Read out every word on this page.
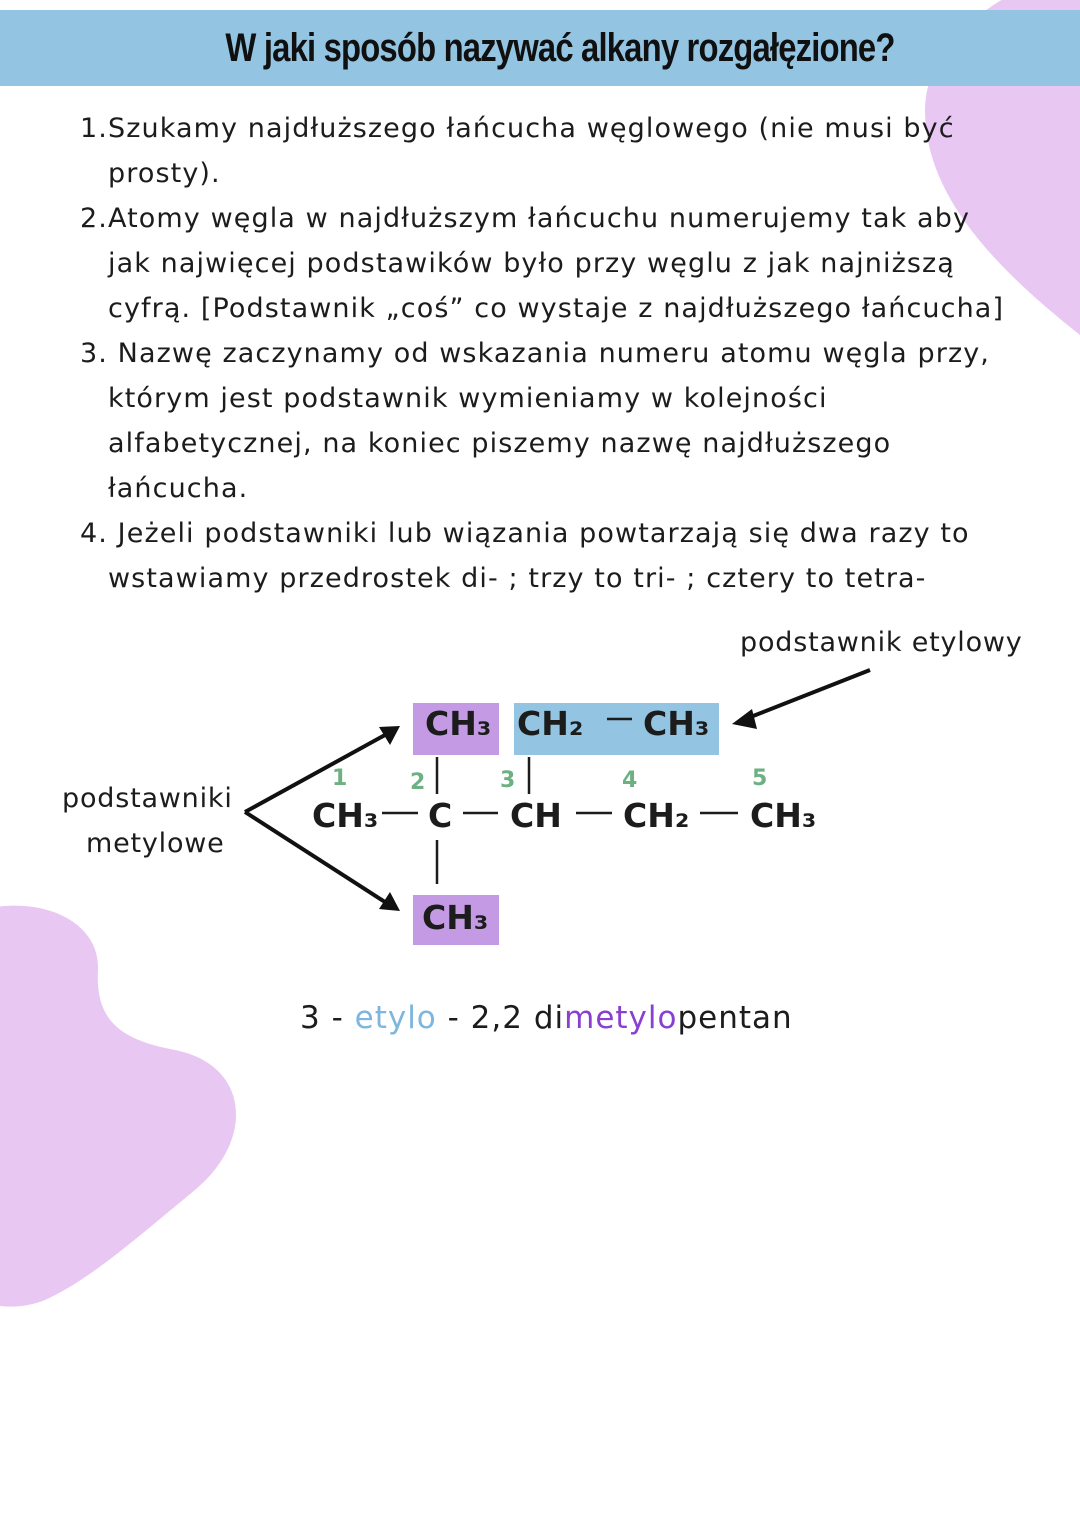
W jaki sposób nazywać alkany rozgałęzione?
1.Szukamy najdłuższego łańcucha węglowego (nie musi być
prosty).
2.Atomy węgla w najdłuższym łańcuchu numerujemy tak aby
jak najwięcej podstawików było przy węglu z jak najniższą
cyfrą. [Podstawnik „coś” co wystaje z najdłuższego łańcucha]
3. Nazwę zaczynamy od wskazania numeru atomu węgla przy,
którym jest podstawnik wymieniamy w kolejności
alfabetycznej, na koniec piszemy nazwę najdłuższego
łańcucha.
4. Jeżeli podstawniki lub wiązania powtarzają się dwa razy to
wstawiamy przedrostek di- ; trzy to tri- ; cztery to tetra-
podstawnik etylowy
podstawniki
metylowe
CH₃ CH₂ CH₃
CH₃
CH₃ C CH CH₂ CH₃
1	2	3	4	5
3 - etylo - 2,2 dimetylopentan
